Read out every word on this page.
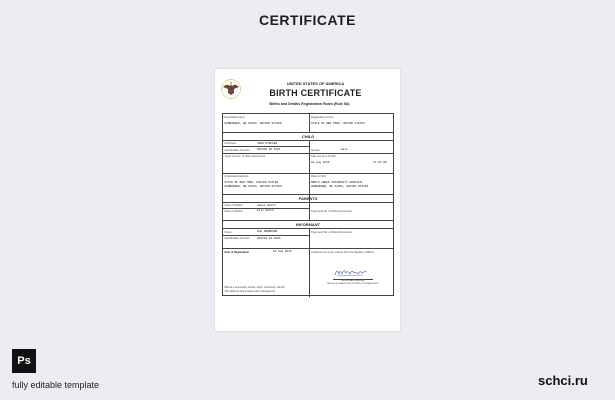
CERTIFICATE
UNITED STATES OF AMERICA
BIRTH CERTIFICATE
Births and Deaths Registration Rules (Rule 5A)
Registration Area
HAMBURGER, NE 21650, UNITED STATES
Registration Centre
STATE OF NEW YORK, UNITED STATES
CHILD
Full Name	JOHN STEFFEN
Identification Card No. 985346-26-5461	Gender	male
Types and No. of Other Documents	Date and time of birth
01 Aug 2015	17:50 AM
Registration Address
STATE OF NEW YORK, UNITED STATES
HAMBURGER, NE 21650, UNITED STATES
Place of birth
NORTH CREEK UNIVERSITY HOSPITAL
HAMBURGER, NE 21650, UNITED STATES
PARENTS
Name of Father	James Smith
Name of Mother	Elly Smith	Types and No. of Other Documents
INFORMANT
Name	EVE ANDERSON
Identification Card No. 854734-33-9486
Types and No. of Other Documents
Date of Registration	15 Aug 2015	Certified to be a true extract from the Register of Births
REGISTRAR GENERAL
BIRTHS & DEATHS REGISTRATION DEPARTMENT
Before a secondary school, eight, confirmed, ctd.pdf.
This diploma has a watermark / background
Ps
fully editable template	schci.ru
